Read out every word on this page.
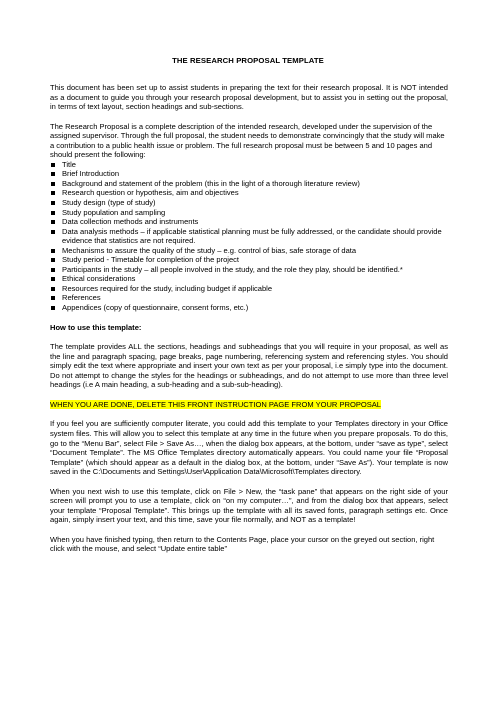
THE RESEARCH PROPOSAL TEMPLATE

This document has been set up to assist students in preparing the text for their research proposal. It is NOT intended as a document to guide you through your research proposal development, but to assist you in setting out the proposal, in terms of text layout, section headings and sub-sections.

The Research Proposal is a complete description of the intended research, developed under the supervision of the assigned supervisor. Through the full proposal, the student needs to demonstrate convincingly that the study will make a contribution to a public health issue or problem. The full research proposal must be between 5 and 10 pages and should present the following:

Title
Brief Introduction
Background and statement of the problem (this in the light of a thorough literature review)
Research question or hypothesis, aim and objectives
Study design (type of study)
Study population and sampling
Data collection methods and instruments
Data analysis methods – if applicable statistical planning must be fully addressed, or the candidate should provide evidence that statistics are not required.
Mechanisms to assure the quality of the study – e.g. control of bias, safe storage of data
Study period - Timetable for completion of the project
Participants in the study – all people involved in the study, and the role they play, should be identified.*
Ethical considerations
Resources required for the study, including budget if applicable
References
Appendices (copy of questionnaire, consent forms, etc.)

How to use this template:

The template provides ALL the sections, headings and subheadings that you will require in your proposal, as well as the line and paragraph spacing, page breaks, page numbering, referencing system and referencing styles. You should simply edit the text where appropriate and insert your own text as per your proposal, i.e simply type into the document. Do not attempt to change the styles for the headings or subheadings, and do not attempt to use more than three level headings (i.e A main heading, a sub-heading and a sub-sub-heading).

WHEN YOU ARE DONE, DELETE THIS FRONT INSTRUCTION PAGE FROM YOUR PROPOSAL

If you feel you are sufficiently computer literate, you could add this template to your Templates directory in your Office system files. This will allow you to select this template at any time in the future when you prepare proposals. To do this, go to the “Menu Bar”, select File > Save As…, when the dialog box appears, at the bottom, under “save as type”, select “Document Template”. The MS Office Templates directory automatically appears. You could name your file “Proposal Template” (which should appear as a default in the dialog box, at the bottom, under “Save As”). Your template is now saved in the C:\Documents and Settings\User\Application Data\Microsoft\Templates directory.

When you next wish to use this template, click on File > New, the “task pane” that appears on the right side of your screen will prompt you to use a template, click on “on my computer…”, and from the dialog box that appears, select your template “Proposal Template”. This brings up the template with all its saved fonts, paragraph settings etc. Once again, simply insert your text, and this time, save your file normally, and NOT as a template!

When you have finished typing, then return to the Contents Page, place your cursor on the greyed out section, right click with the mouse, and select “Update entire table”
